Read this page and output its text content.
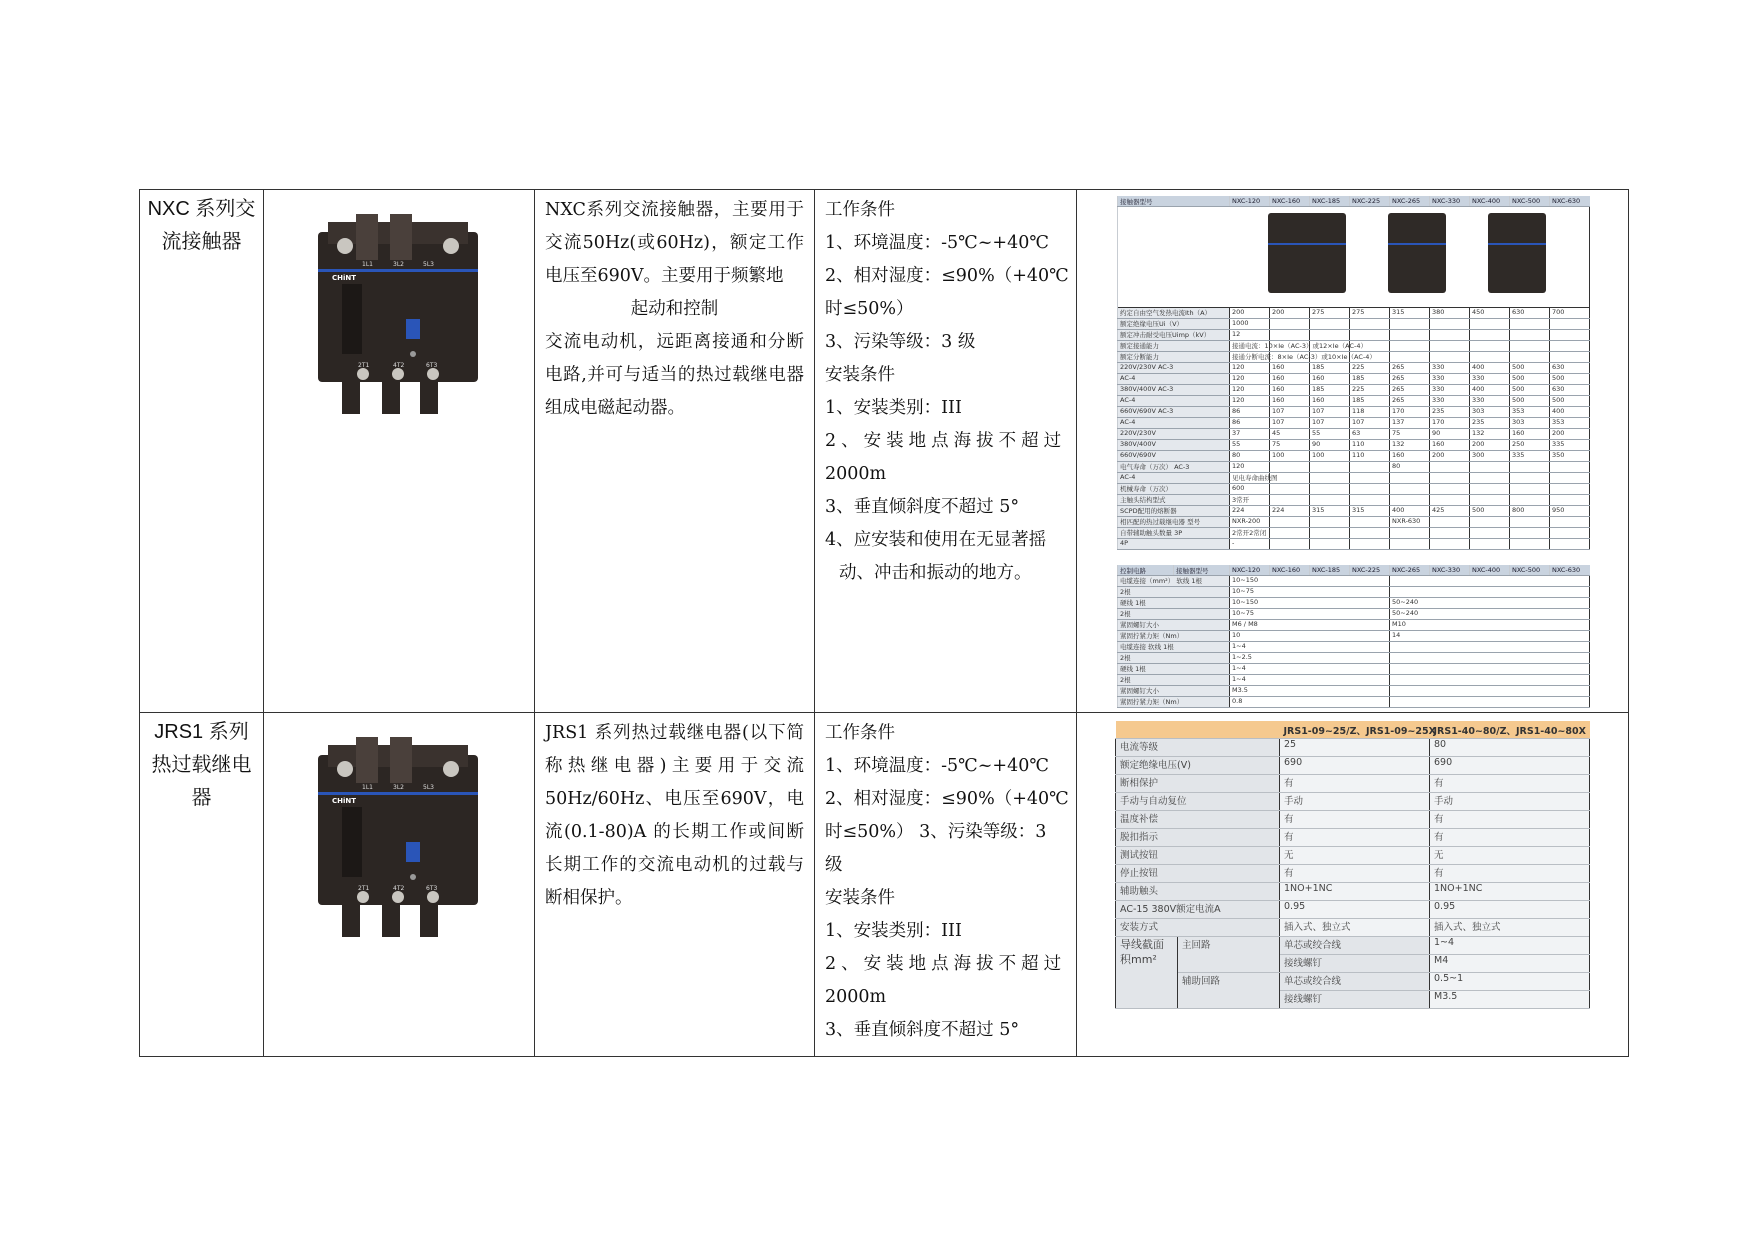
NXC 系列交流接触器

1L1	3L2	5L3
CHiNT
2T1	4T2	6T3

NXC系列交流接触器，主要用于交流50Hz(或60Hz)，额定工作电压至690V。主要用于频繁地
起动和控制
交流电动机，远距离接通和分断电路,并可与适当的热过载继电器组成电磁起动器。

工作条件
1、环境温度：-5℃~+40℃
2、相对湿度：≤90%（+40℃
时≤50%）
3、污染等级：3 级
安装条件
1、安装类别：III
2、安装地点海拔不超过
2000m
3、垂直倾斜度不超过 5°
4、应安装和使用在无显著摇
动、冲击和振动的地方。

接触器型号	NXC-120	NXC-160	NXC-185	NXC-225	NXC-265	NXC-330	NXC-400	NXC-500	NXC-630

约定自由空气发热电流Ith（A）	200	200	275	275	315	380	450	630	700
额定绝缘电压Ui（V）	1000								
额定冲击耐受电压Uimp（kV）	12								
额定接通能力	接通电流：10×Ie（AC-3）或12×Ie（AC-4）								
额定分断能力	接通分断电流：8×Ie（AC-3）或10×Ie（AC-4）								
220V/230V AC-3	120	160	185	225	265	330	400	500	630
AC-4	120	160	160	185	265	330	330	500	500
380V/400V AC-3	120	160	185	225	265	330	400	500	630
AC-4	120	160	160	185	265	330	330	500	500
660V/690V AC-3	86	107	107	118	170	235	303	353	400
AC-4	86	107	107	107	137	170	235	303	353
220V/230V	37	45	55	63	75	90	132	160	200
380V/400V	55	75	90	110	132	160	200	250	335
660V/690V	80	100	100	110	160	200	300	335	350
电气寿命（万次） AC-3	120				80				
AC-4	见电寿命曲线图								
机械寿命（万次）	600								
主触头结构型式	3常开								
SCPD配用的熔断器	224	224	315	315	400	425	500	800	950
相匹配的热过载继电器 型号	NXR-200				NXR-630				
自带辅助触头数量 3P	2常开2常闭								
4P	-								
控制电路	接触器型号	NXC-120	NXC-160	NXC-185	NXC-225	NXC-265	NXC-330	NXC-400	NXC-500	NXC-630
电缆连接（mm²） 软线 1根	10~150	
2根	10~75	
硬线 1根	10~150	50~240
2根	10~75	50~240
紧固螺钉大小	M6 / M8	M10
紧固拧紧力矩（Nm）	10	14
电缆连接 软线 1根	1~4	
2根	1~2.5	
硬线 1根	1~4	
2根	1~4	
紧固螺钉大小	M3.5	
紧固拧紧力矩（Nm）	0.8	

JRS1 系列热过载继电器	1L1	3L2	5L3
CHiNT
2T1	4T2	6T3

JRS1 系列热过载继电器(以下简称热继电器)主要用于交流50Hz/60Hz、电压至690V，电流(0.1-80)A 的长期工作或间断长期工作的交流电动机的过载与断相保护。

工作条件
1、环境温度：-5℃~+40℃
2、相对湿度：≤90%（+40℃
时≤50%） 3、污染等级：3
级
安装条件
1、安装类别：III
2、安装地点海拔不超过
2000m
3、垂直倾斜度不超过 5°

	JRS1-09~25/Z、JRS1-09~25X	JRS1-40~80/Z、JRS1-40~80X
电流等级	25	80
额定绝缘电压(V)	690	690
断相保护	有	有
手动与自动复位	手动	手动
温度补偿	有	有
脱扣指示	有	有
测试按钮	无	无
停止按钮	有	有
辅助触头	1NO+1NC	1NO+1NC
AC-15 380V额定电流A	0.95	0.95
安装方式	插入式、独立式	插入式、独立式
导线截面积mm²	主回路	单芯或绞合线	1~4	
接线螺钉	M4	
辅助回路	单芯或绞合线	0.5~1	
接线螺钉	M3.5	
